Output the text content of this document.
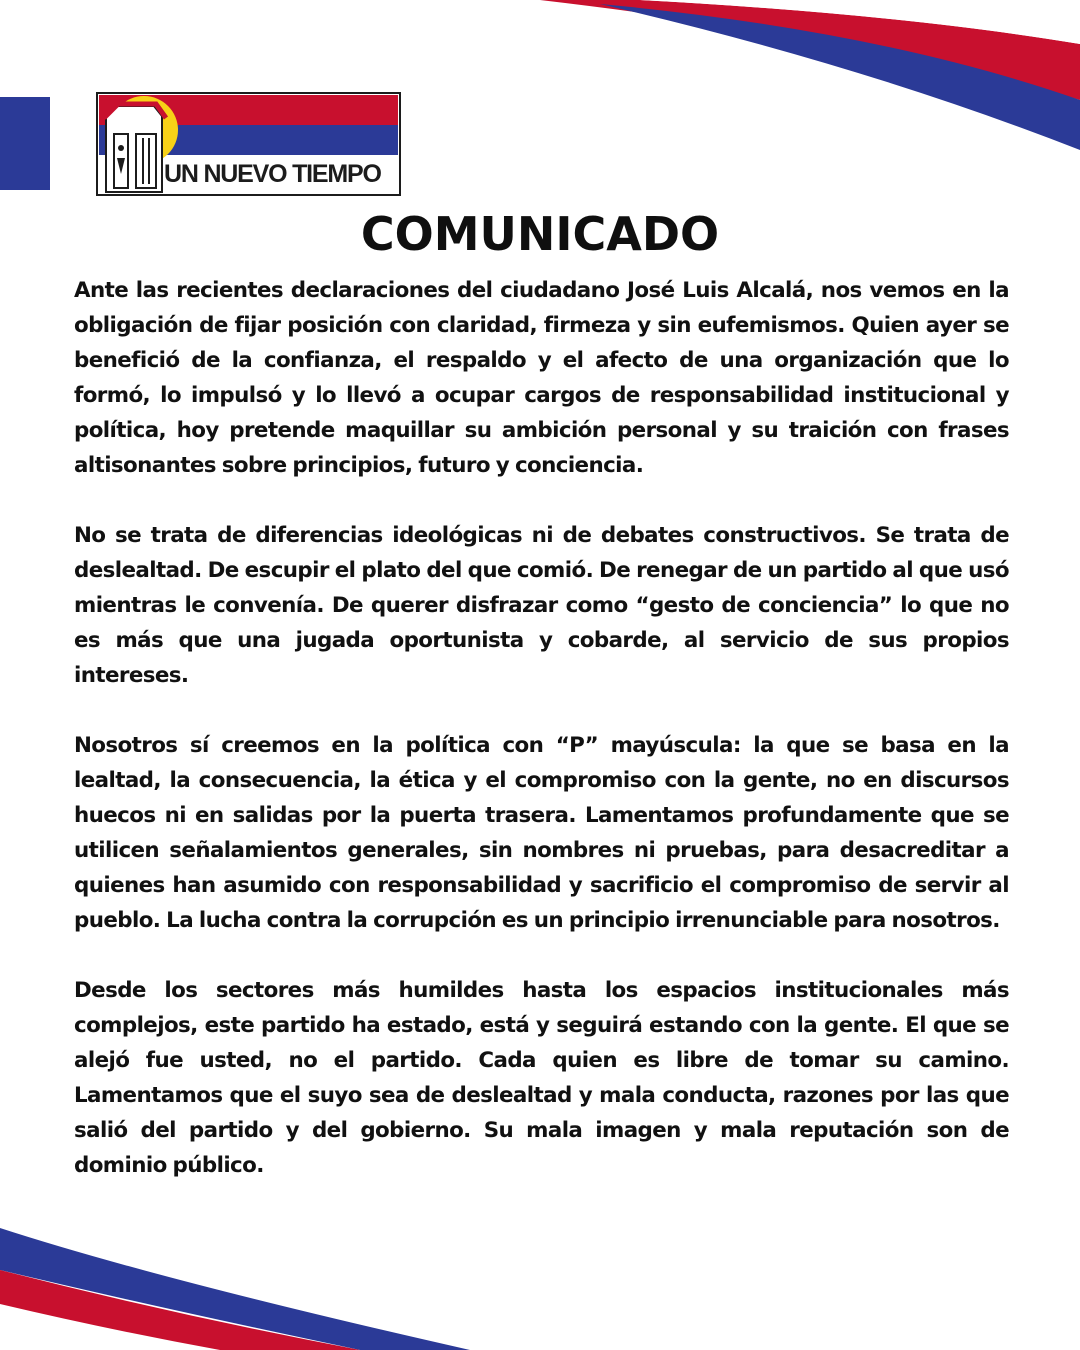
UN NUEVO TIEMPO
COMUNICADO

Ante las recientes declaraciones del ciudadano José Luis Alcalá, nos vemos en la obligación de fijar posición con claridad, firmeza y sin eufemismos. Quien ayer se benefició de la confianza, el respaldo y el afecto de una organización que lo formó, lo impulsó y lo llevó a ocupar cargos de responsabilidad institucional y política, hoy pretende maquillar su ambición personal y su traición con frases altisonantes sobre principios, futuro y conciencia.

No se trata de diferencias ideológicas ni de debates constructivos. Se trata de deslealtad. De escupir el plato del que comió. De renegar de un partido al que usó mientras le convenía. De querer disfrazar como “gesto de conciencia” lo que no es más que una jugada oportunista y cobarde, al servicio de sus propios intereses.

Nosotros sí creemos en la política con “P” mayúscula: la que se basa en la lealtad, la consecuencia, la ética y el compromiso con la gente, no en discursos huecos ni en salidas por la puerta trasera. Lamentamos profundamente que se utilicen señalamientos generales, sin nombres ni pruebas, para desacreditar a quienes han asumido con responsabilidad y sacrificio el compromiso de servir al pueblo. La lucha contra la corrupción es un principio irrenunciable para nosotros.

Desde los sectores más humildes hasta los espacios institucionales más complejos, este partido ha estado, está y seguirá estando con la gente. El que se alejó fue usted, no el partido. Cada quien es libre de tomar su camino. Lamentamos que el suyo sea de deslealtad y mala conducta, razones por las que salió del partido y del gobierno. Su mala imagen y mala reputación son de dominio público.
